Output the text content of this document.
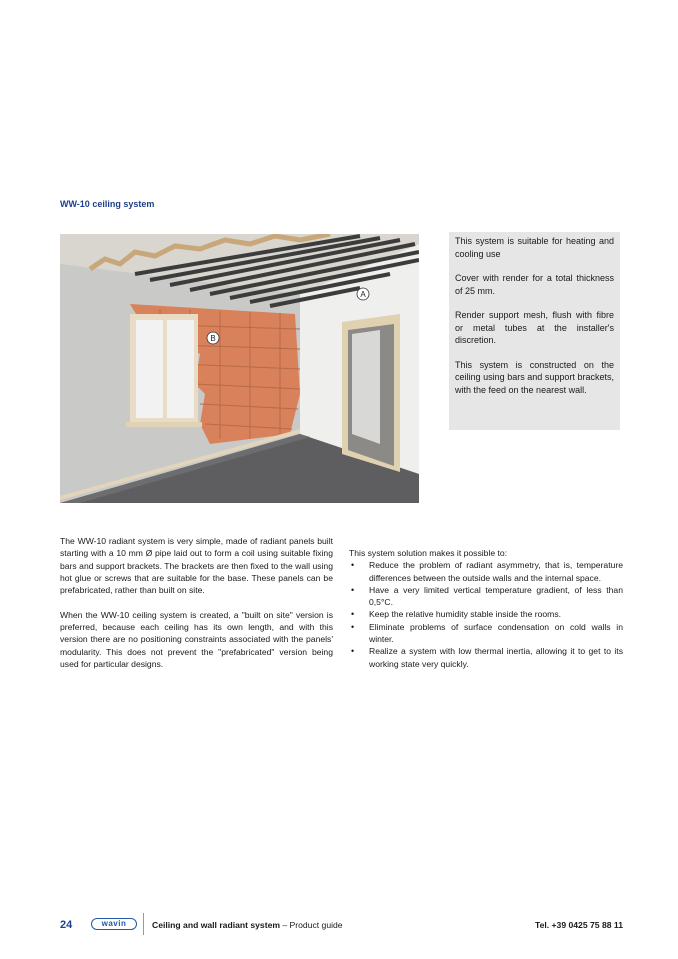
WW-10 ceiling system
A
B

This system is suitable for heating and cooling use

Cover with render for a total thickness of 25 mm.

Render support mesh, flush with fibre or metal tubes at the installer's discretion.

This system is constructed on the ceiling using bars and support brackets, with the feed on the nearest wall.

The WW-10 radiant system is very simple, made of radiant panels built starting with a 10 mm Ø pipe laid out to form a coil using suitable fixing bars and support brackets. The brackets are then fixed to the wall using hot glue or screws that are suitable for the base. These panels can be prefabricated, rather than built on site.

When the WW-10 ceiling system is created, a "built on site" version is preferred, because each ceiling has its own length, and with this version there are no positioning constraints associated with the panels' modularity. This does not prevent the "prefabricated" version being used for particular designs.

This system solution makes it possible to:
• Reduce the problem of radiant asymmetry, that is, temperature differences between the outside walls and the internal space.
• Have a very limited vertical temperature gradient, of less than 0,5°C.
• Keep the relative humidity stable inside the rooms.
• Eliminate problems of surface condensation on cold walls in winter.
• Realize a system with low thermal inertia, allowing it to get to its working state very quickly.
24	wavin	Ceiling and wall radiant system – Product guide	Tel. +39 0425 75 88 11
